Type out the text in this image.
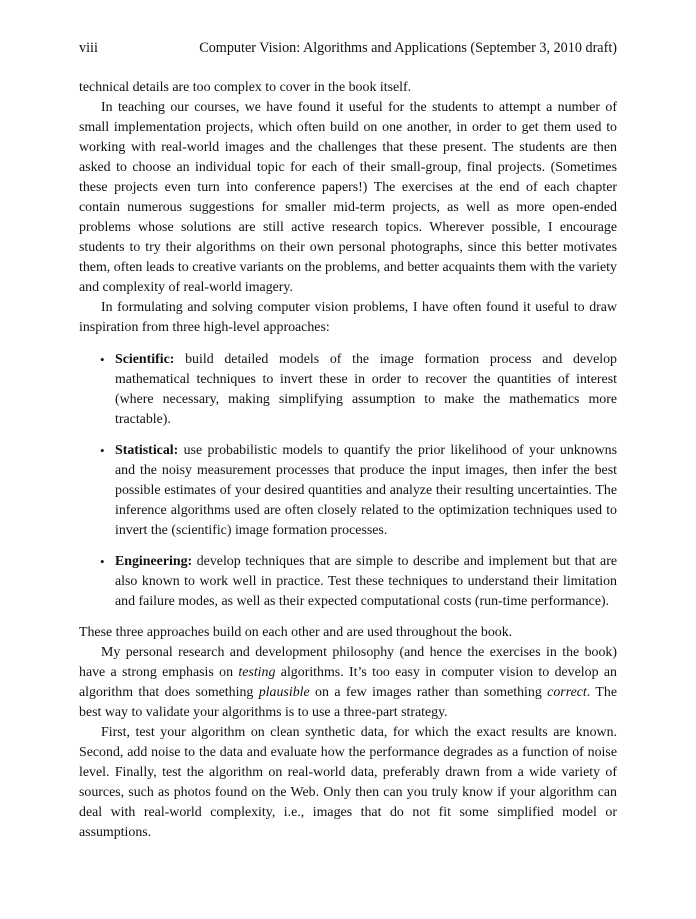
viii	Computer Vision: Algorithms and Applications (September 3, 2010 draft)

technical details are too complex to cover in the book itself.

In teaching our courses, we have found it useful for the students to attempt a number of small implementation projects, which often build on one another, in order to get them used to working with real-world images and the challenges that these present. The students are then asked to choose an individual topic for each of their small-group, final projects. (Sometimes these projects even turn into conference papers!) The exercises at the end of each chapter contain numerous suggestions for smaller mid-term projects, as well as more open-ended problems whose solutions are still active research topics. Wherever possible, I encourage students to try their algorithms on their own personal photographs, since this better motivates them, often leads to creative variants on the problems, and better acquaints them with the variety and complexity of real-world imagery.

In formulating and solving computer vision problems, I have often found it useful to draw inspiration from three high-level approaches:

• Scientific: build detailed models of the image formation process and develop mathematical techniques to invert these in order to recover the quantities of interest (where necessary, making simplifying assumption to make the mathematics more tractable).
• Statistical: use probabilistic models to quantify the prior likelihood of your unknowns and the noisy measurement processes that produce the input images, then infer the best possible estimates of your desired quantities and analyze their resulting uncertainties. The inference algorithms used are often closely related to the optimization techniques used to invert the (scientific) image formation processes.
• Engineering: develop techniques that are simple to describe and implement but that are also known to work well in practice. Test these techniques to understand their limitation and failure modes, as well as their expected computational costs (run-time performance).

These three approaches build on each other and are used throughout the book.

My personal research and development philosophy (and hence the exercises in the book) have a strong emphasis on testing algorithms. It’s too easy in computer vision to develop an algorithm that does something plausible on a few images rather than something correct. The best way to validate your algorithms is to use a three-part strategy.

First, test your algorithm on clean synthetic data, for which the exact results are known. Second, add noise to the data and evaluate how the performance degrades as a function of noise level. Finally, test the algorithm on real-world data, preferably drawn from a wide variety of sources, such as photos found on the Web. Only then can you truly know if your algorithm can deal with real-world complexity, i.e., images that do not fit some simplified model or assumptions.
